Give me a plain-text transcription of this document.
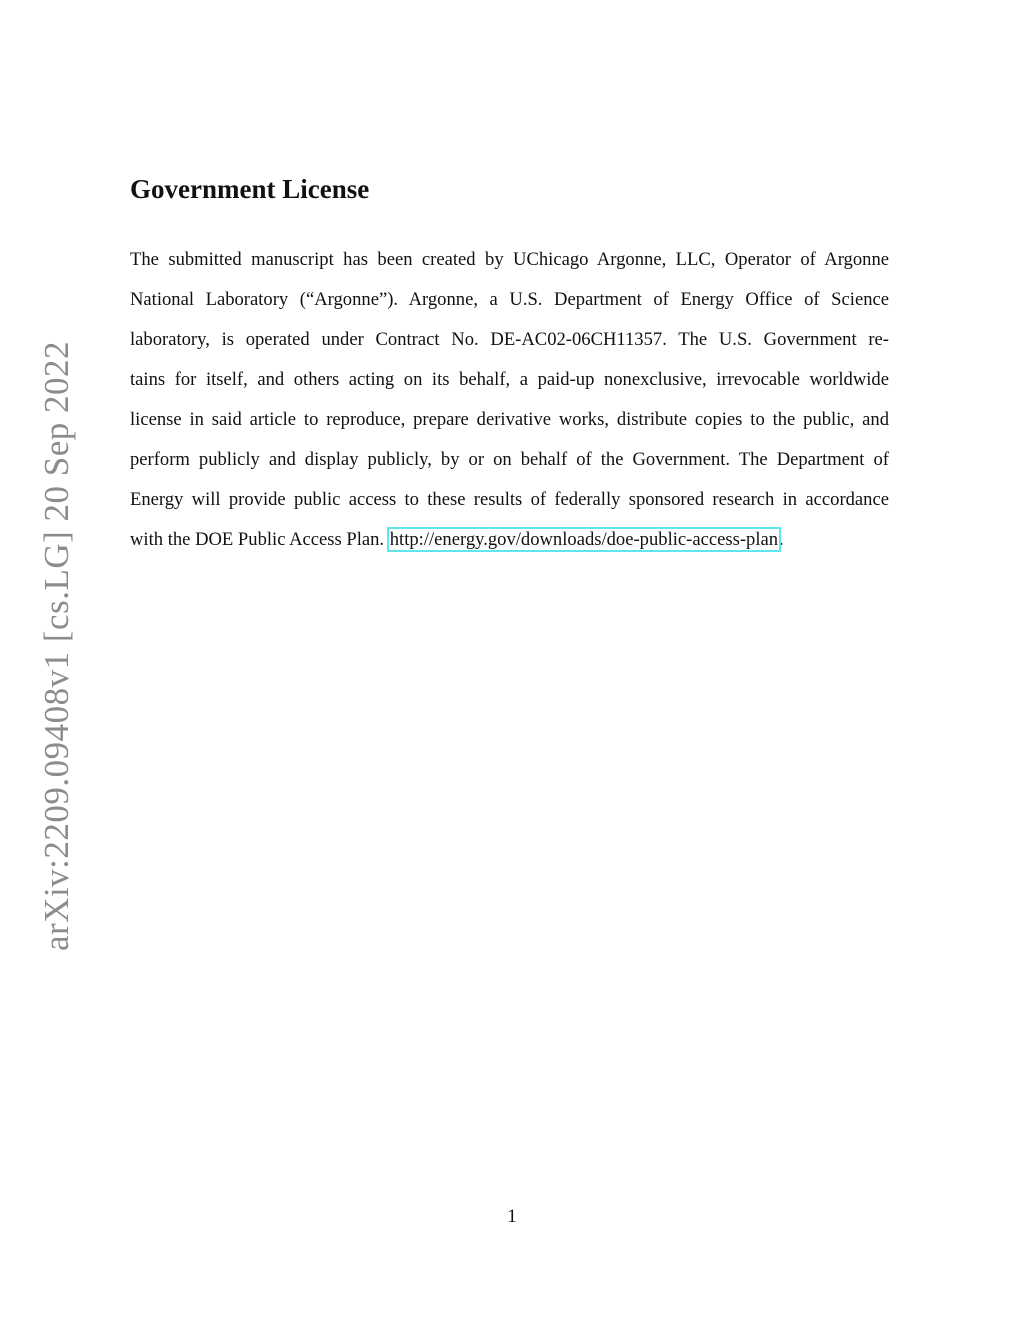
arXiv:2209.09408v1 [cs.LG] 20 Sep 2022
Government License
The submitted manuscript has been created by UChicago Argonne, LLC, Operator of Argonne
National Laboratory (“Argonne”). Argonne, a U.S. Department of Energy Office of Science
laboratory, is operated under Contract No. DE-AC02-06CH11357. The U.S. Government re-
tains for itself, and others acting on its behalf, a paid-up nonexclusive, irrevocable worldwide
license in said article to reproduce, prepare derivative works, distribute copies to the public, and
perform publicly and display publicly, by or on behalf of the Government. The Department of
Energy will provide public access to these results of federally sponsored research in accordance
with the DOE Public Access Plan. http://energy.gov/downloads/doe-public-access-plan.
1
